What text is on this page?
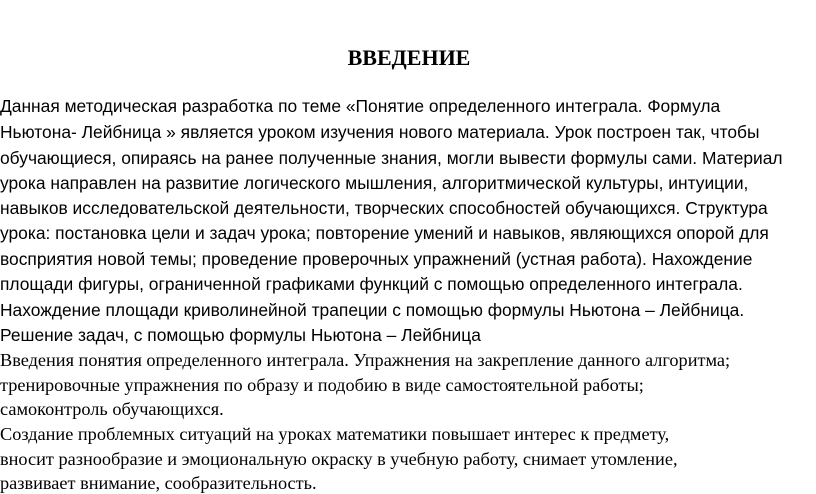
ВВЕДЕНИЕ
Данная методическая разработка по теме «Понятие определенного интеграла. Формула
Ньютона- Лейбница » является уроком изучения нового материала. Урок построен так, чтобы
обучающиеся, опираясь на ранее полученные знания, могли вывести формулы сами. Материал
урока направлен на развитие логического мышления, алгоритмической культуры, интуиции,
навыков исследовательской деятельности, творческих способностей обучающихся. Структура
урока: постановка цели и задач урока; повторение умений и навыков, являющихся опорой для
восприятия новой темы; проведение проверочных упражнений (устная работа). Нахождение
площади фигуры, ограниченной графиками функций с помощью определенного интеграла.
Нахождение площади криволинейной трапеции с помощью формулы Ньютона – Лейбница.
Решение задач, с помощью формулы Ньютона – Лейбница
Введения понятия определенного интеграла. Упражнения на закрепление данного алгоритма;
тренировочные упражнения по образу и подобию в виде самостоятельной работы;
самоконтроль обучающихся.
Создание проблемных ситуаций на уроках математики повышает интерес к предмету,
вносит разнообразие и эмоциональную окраску в учебную работу, снимает утомление,
развивает внимание, сообразительность.
